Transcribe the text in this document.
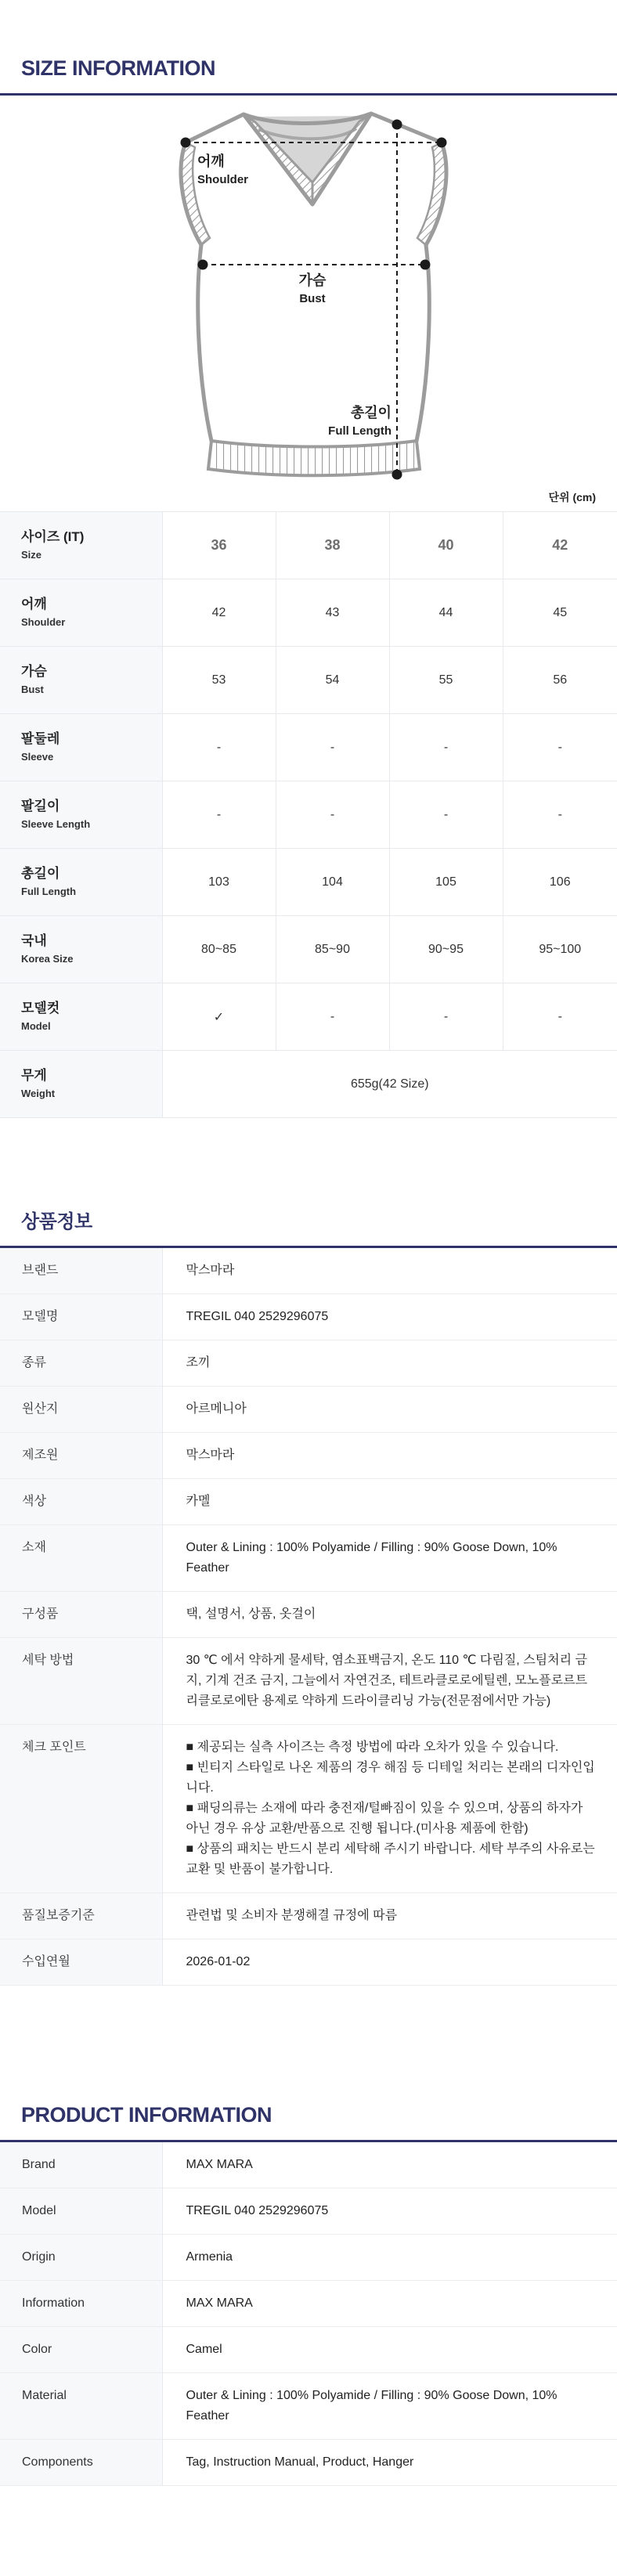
SIZE INFORMATION
어깨
Shoulder
가슴
Bust
총길이
Full Length
단위 (cm)
사이즈 (IT)
Size	36	38	40	42

어깨
Shoulder	42	43	44	45

가슴
Bust	53	54	55	56

팔둘레
Sleeve	-	-	-	-

팔길이
Sleeve Length	-	-	-	-

총길이
Full Length	103	104	105	106

국내
Korea Size	80~85	85~90	90~95	95~100

모델컷
Model	✓	-	-	-

무게
Weight	655g(42 Size)			
상품정보
브랜드	막스마라
모델명	TREGIL 040 2529296075
종류	조끼
원산지	아르메니아
제조원	막스마라
색상	카멜
소재	Outer & Lining : 100% Polyamide / Filling : 90% Goose Down, 10% Feather
구성품	택, 설명서, 상품, 옷걸이
세탁 방법	30 ℃ 에서 약하게 물세탁, 염소표백금지, 온도 110 ℃ 다림질, 스팀처리 금지, 기계 건조 금지, 그늘에서 자연건조, 테트라클로로에틸렌, 모노플로르트리클로로에탄 용제로 약하게 드라이클리닝 가능(전문점에서만 가능)
체크 포인트	■ 제공되는 실측 사이즈는 측정 방법에 따라 오차가 있을 수 있습니다.

■ 빈티지 스타일로 나온 제품의 경우 해짐 등 디테일 처리는 본래의 디자인입니다.

■ 패딩의류는 소재에 따라 충전재/털빠짐이 있을 수 있으며, 상품의 하자가 아닌 경우 유상 교환/반품으로 진행 됩니다.(미사용 제품에 한함)

■ 상품의 패치는 반드시 분리 세탁해 주시기 바랍니다. 세탁 부주의 사유로는 교환 및 반품이 불가합니다.

품질보증기준	관련법 및 소비자 분쟁해결 규정에 따름
수입연월	2026-01-02
PRODUCT INFORMATION
Brand	MAX MARA
Model	TREGIL 040 2529296075
Origin	Armenia
Information	MAX MARA
Color	Camel
Material	Outer & Lining : 100% Polyamide / Filling : 90% Goose Down, 10% Feather
Components	Tag, Instruction Manual, Product, Hanger
